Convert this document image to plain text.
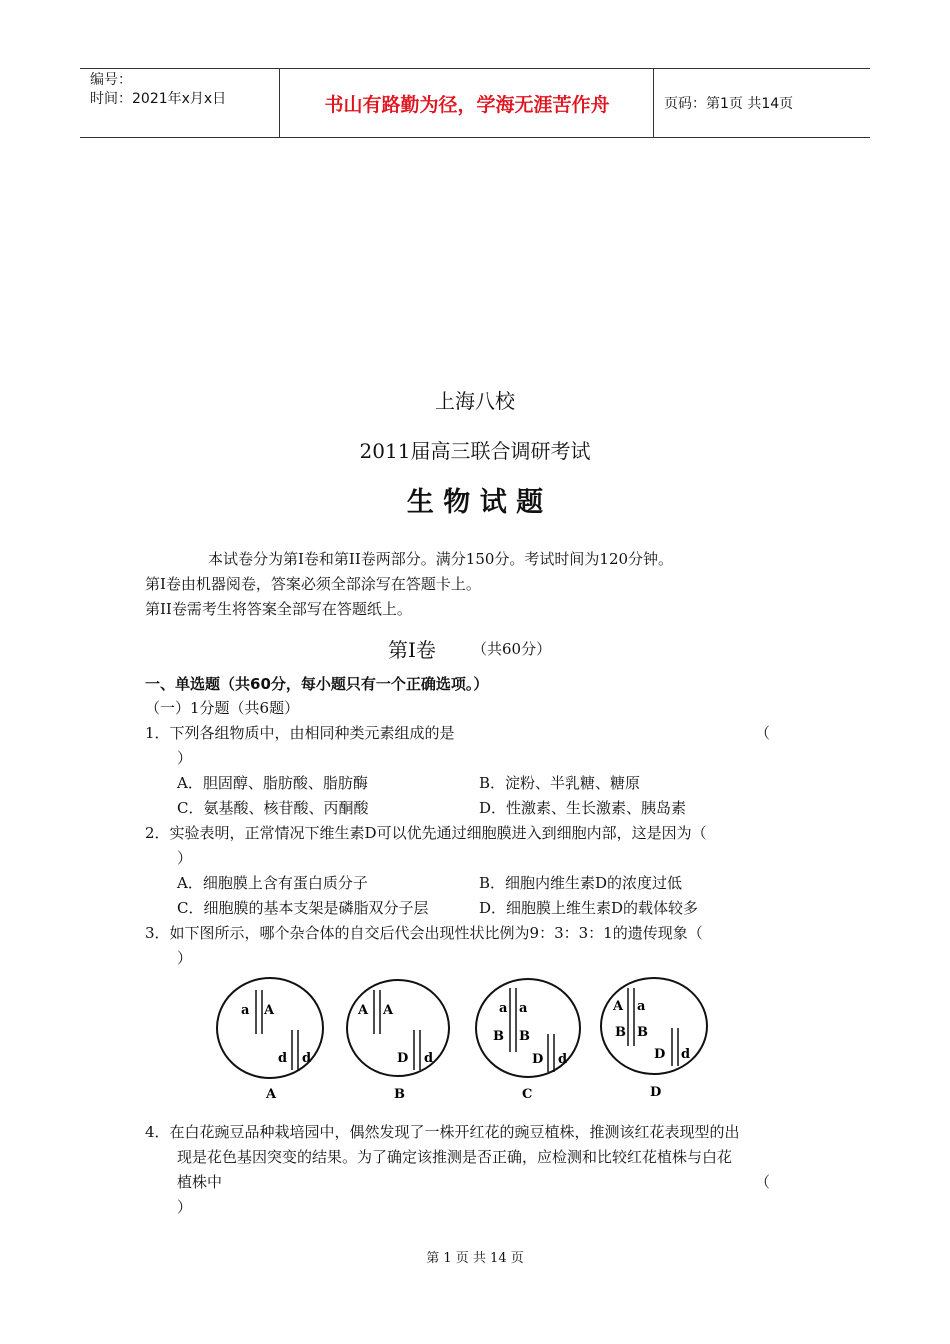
编号：
时间：2021年x月x日	书山有路勤为径，学海无涯苦作舟	页码：第1页 共14页
上海八校
2011届高三联合调研考试
生 物 试 题
本试卷分为第I卷和第II卷两部分。满分150分。考试时间为120分钟。
第I卷由机器阅卷，答案必须全部涂写在答题卡上。
第II卷需考生将答案全部写在答题纸上。
第I卷 （共60分）
一、单选题（共60分，每小题只有一个正确选项。）
（一）1分题（共6题）
1．下列各组物质中，由相同种类元素组成的是	（
）
A．胆固醇、脂肪酸、脂肪酶	B．淀粉、半乳糖、糖原
C．氨基酸、核苷酸、丙酮酸	D．性激素、生长激素、胰岛素
2．实验表明，正常情况下维生素D可以优先通过细胞膜进入到细胞内部，这是因为（
）
A．细胞膜上含有蛋白质分子	B．细胞内维生素D的浓度过低
C．细胞膜的基本支架是磷脂双分子层	D．细胞膜上维生素D的载体较多
3．如下图所示，哪个杂合体的自交后代会出现性状比例为9：3：3：1的遗传现象（
）
a A
d d
A
A A
D d
B
a a
B B
D d
C
A a
B B
D d
D
4．在白花豌豆品种栽培园中，偶然发现了一株开红花的豌豆植株，推测该红花表现型的出
现是花色基因突变的结果。为了确定该推测是否正确，应检测和比较红花植株与白花
植株中	（
）
第 1 页 共 14 页
